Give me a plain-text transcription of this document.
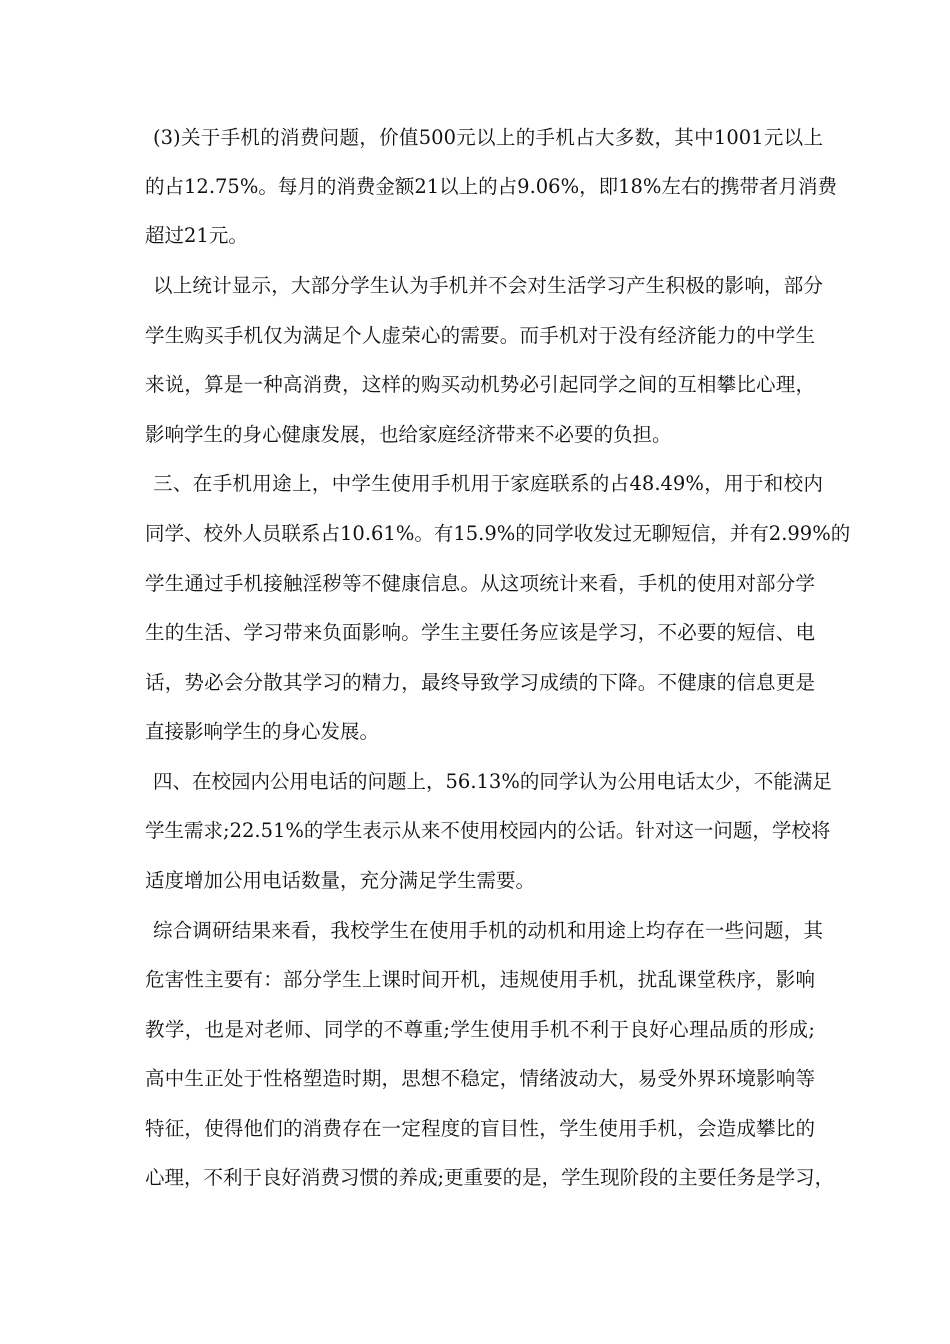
(3)关于手机的消费问题，价值500元以上的手机占大多数，其中1001元以上
的占12.75%。每月的消费金额21以上的占9.06%，即18%左右的携带者月消费
超过21元。
以上统计显示，大部分学生认为手机并不会对生活学习产生积极的影响，部分
学生购买手机仅为满足个人虚荣心的需要。而手机对于没有经济能力的中学生
来说，算是一种高消费，这样的购买动机势必引起同学之间的互相攀比心理，
影响学生的身心健康发展，也给家庭经济带来不必要的负担。
三、在手机用途上，中学生使用手机用于家庭联系的占48.49%，用于和校内
同学、校外人员联系占10.61%。有15.9%的同学收发过无聊短信，并有2.99%的
学生通过手机接触淫秽等不健康信息。从这项统计来看，手机的使用对部分学
生的生活、学习带来负面影响。学生主要任务应该是学习，不必要的短信、电
话，势必会分散其学习的精力，最终导致学习成绩的下降。不健康的信息更是
直接影响学生的身心发展。
四、在校园内公用电话的问题上，56.13%的同学认为公用电话太少，不能满足
学生需求;22.51%的学生表示从来不使用校园内的公话。针对这一问题，学校将
适度增加公用电话数量，充分满足学生需要。
综合调研结果来看，我校学生在使用手机的动机和用途上均存在一些问题，其
危害性主要有：部分学生上课时间开机，违规使用手机，扰乱课堂秩序，影响
教学，也是对老师、同学的不尊重;学生使用手机不利于良好心理品质的形成;
高中生正处于性格塑造时期，思想不稳定，情绪波动大，易受外界环境影响等
特征，使得他们的消费存在一定程度的盲目性，学生使用手机，会造成攀比的
心理，不利于良好消费习惯的养成;更重要的是，学生现阶段的主要任务是学习，
